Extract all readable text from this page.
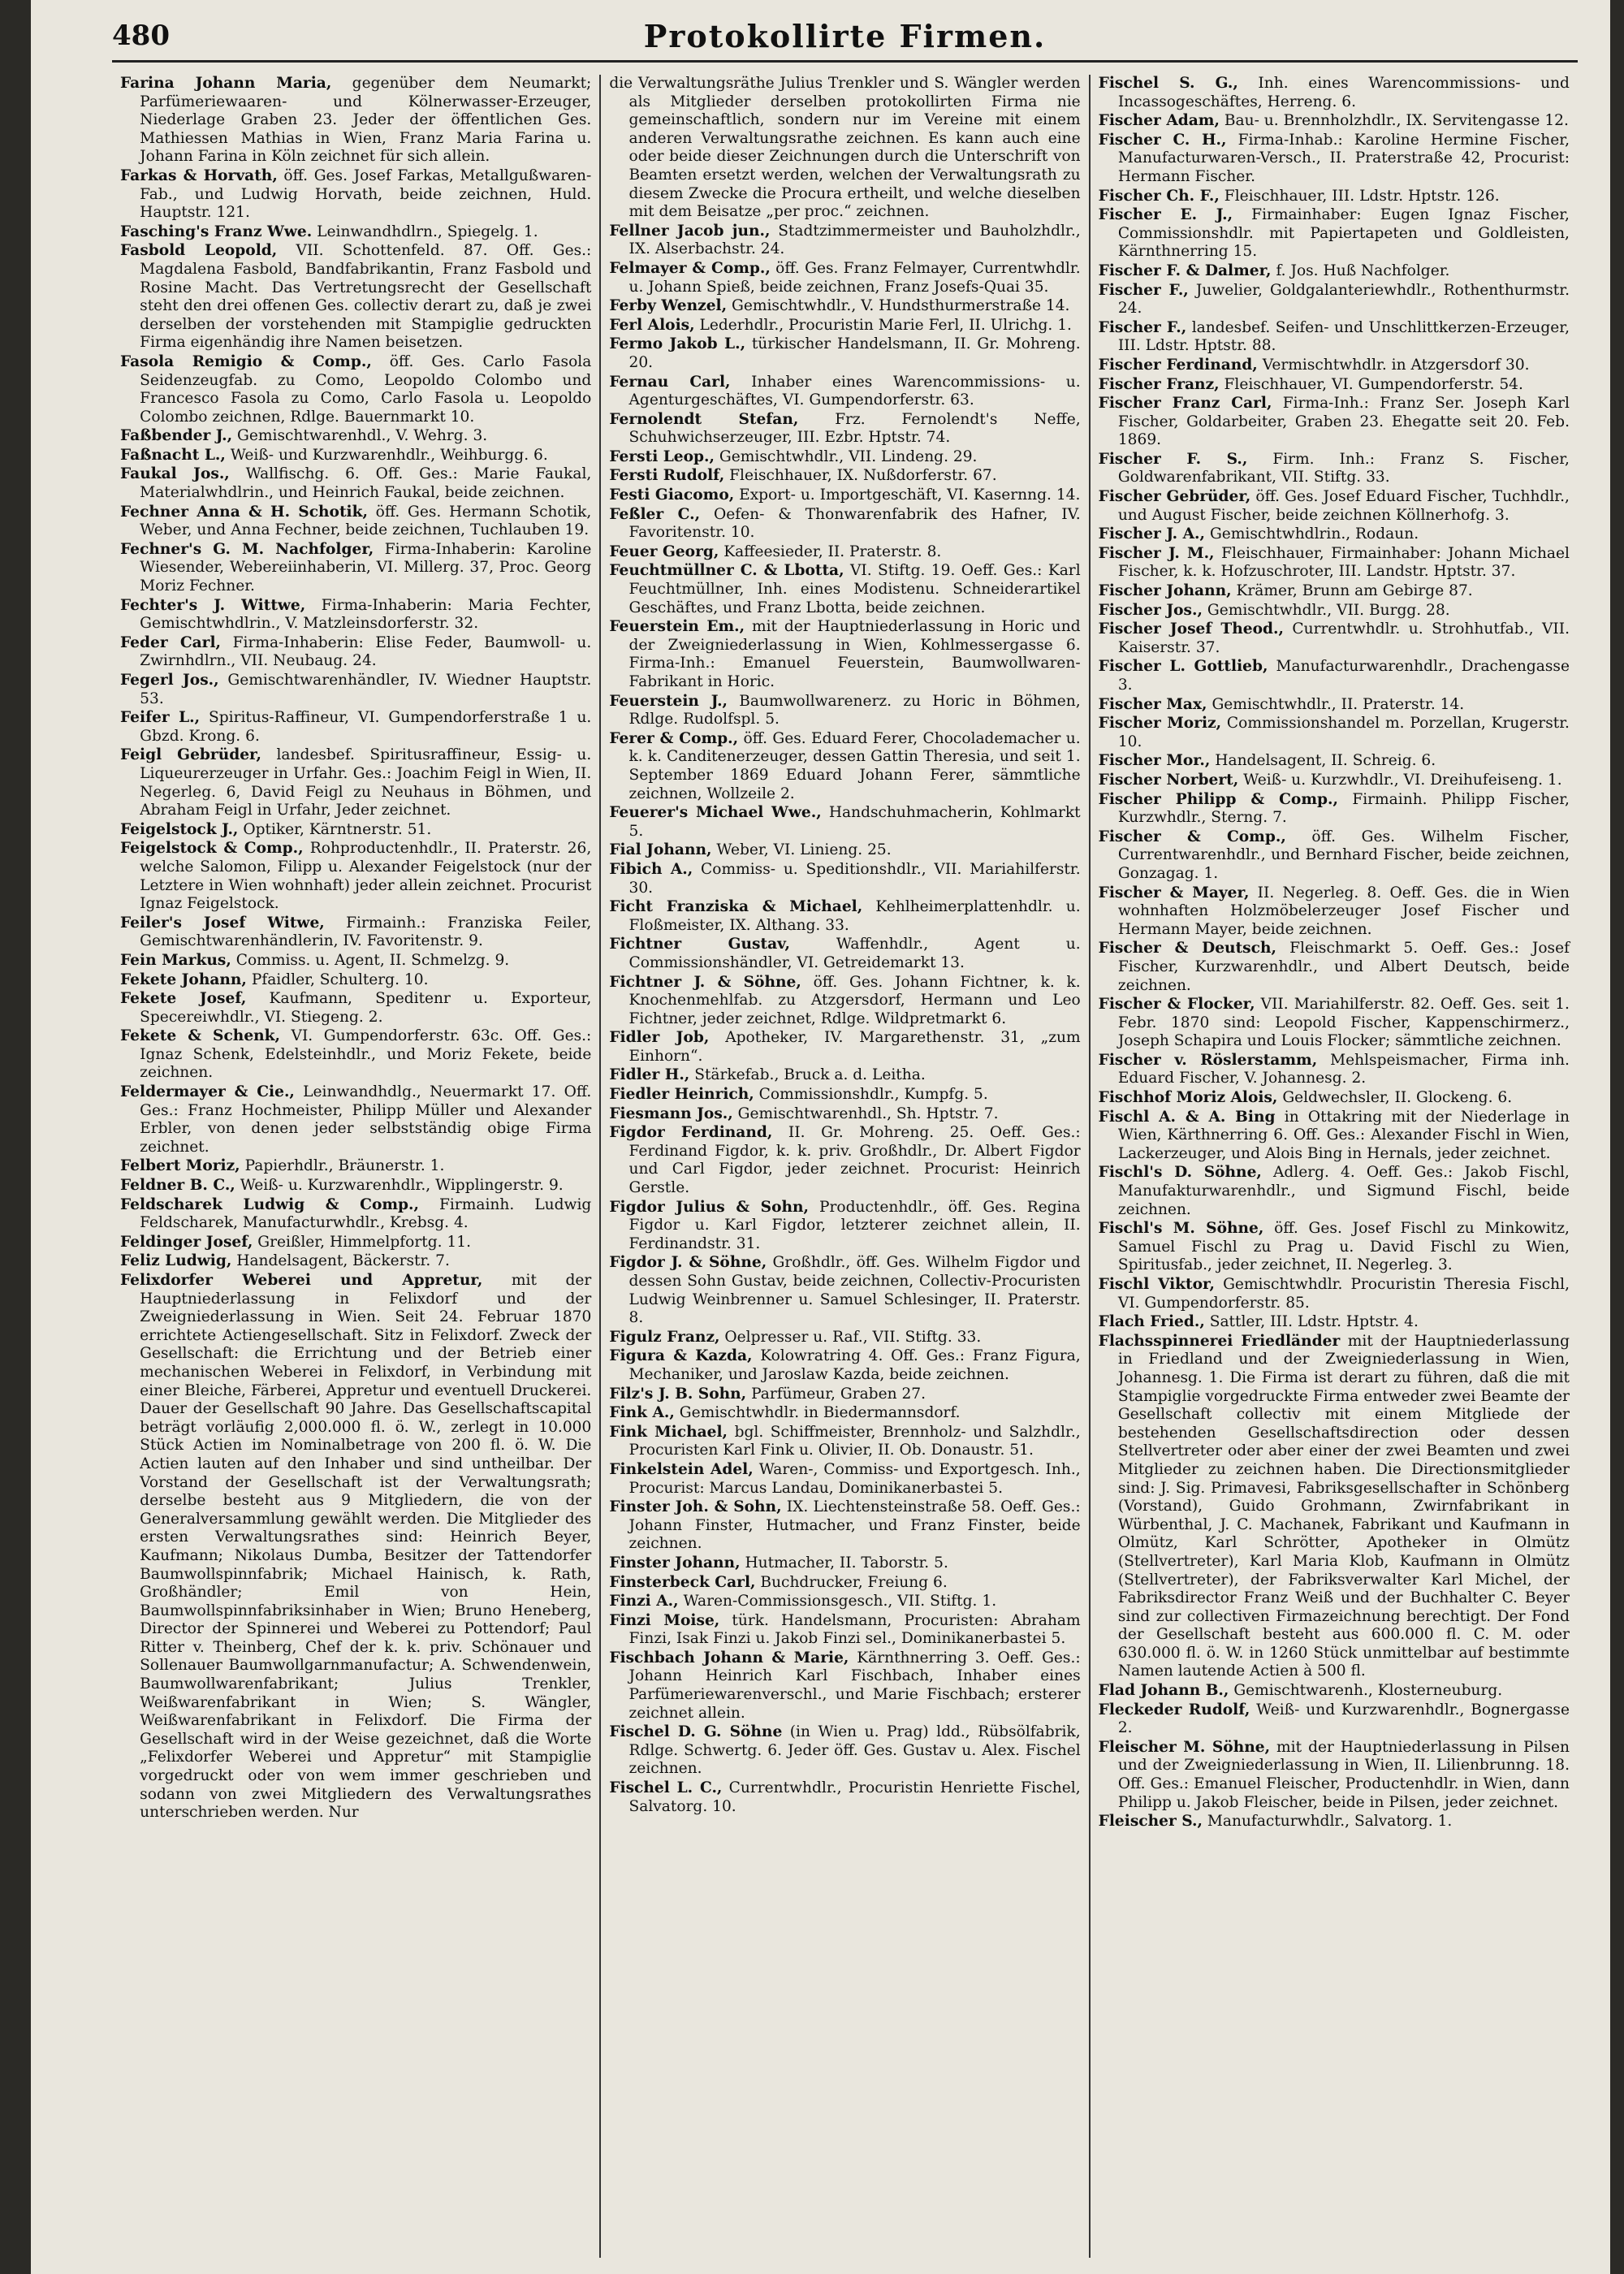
480	Protokollirte Firmen.
Farina Johann Maria, gegenüber dem Neumarkt; Parfümeriewaaren- und Kölnerwasser-Erzeuger, Niederlage Graben 23. Jeder der öffentlichen Ges. Mathiessen Mathias in Wien, Franz Maria Farina u. Johann Farina in Köln zeichnet für sich allein.
Farkas & Horvath, öff. Ges. Josef Farkas, Metallgußwaren-Fab., und Ludwig Horvath, beide zeichnen, Huld. Hauptstr. 121.
Fasching's Franz Wwe. Leinwandhdlrn., Spiegelg. 1.
Fasbold Leopold, VII. Schottenfeld. 87. Off. Ges.: Magdalena Fasbold, Bandfabrikantin, Franz Fasbold und Rosine Macht. Das Vertretungsrecht der Gesellschaft steht den drei offenen Ges. collectiv derart zu, daß je zwei derselben der vorstehenden mit Stampiglie gedruckten Firma eigenhändig ihre Namen beisetzen.
Fasola Remigio & Comp., öff. Ges. Carlo Fasola Seidenzeugfab. zu Como, Leopoldo Colombo und Francesco Fasola zu Como, Carlo Fasola u. Leopoldo Colombo zeichnen, Rdlge. Bauernmarkt 10.
Faßbender J., Gemischtwarenhdl., V. Wehrg. 3.
Faßnacht L., Weiß- und Kurzwarenhdlr., Weihburgg. 6.
Faukal Jos., Wallfischg. 6. Off. Ges.: Marie Faukal, Materialwhdlrin., und Heinrich Faukal, beide zeichnen.
Fechner Anna & H. Schotik, öff. Ges. Hermann Schotik, Weber, und Anna Fechner, beide zeichnen, Tuchlauben 19.
Fechner's G. M. Nachfolger, Firma-Inhaberin: Karoline Wiesender, Webereiinhaberin, VI. Millerg. 37, Proc. Georg Moriz Fechner.
Fechter's J. Wittwe, Firma-Inhaberin: Maria Fechter, Gemischtwhdlrin., V. Matzleinsdorferstr. 32.
Feder Carl, Firma-Inhaberin: Elise Feder, Baumwoll- u. Zwirnhdlrn., VII. Neubaug. 24.
Fegerl Jos., Gemischtwarenhändler, IV. Wiedner Hauptstr. 53.
Feifer L., Spiritus-Raffineur, VI. Gumpendorferstraße 1 u. Gbzd. Krong. 6.
Feigl Gebrüder, landesbef. Spiritusraffineur, Essig- u. Liqueurerzeuger in Urfahr. Ges.: Joachim Feigl in Wien, II. Negerleg. 6, David Feigl zu Neuhaus in Böhmen, und Abraham Feigl in Urfahr, Jeder zeichnet.
Feigelstock J., Optiker, Kärntnerstr. 51.
Feigelstock & Comp., Rohproductenhdlr., II. Praterstr. 26, welche Salomon, Filipp u. Alexander Feigelstock (nur der Letztere in Wien wohnhaft) jeder allein zeichnet. Procurist Ignaz Feigelstock.
Feiler's Josef Witwe, Firmainh.: Franziska Feiler, Gemischtwarenhändlerin, IV. Favoritenstr. 9.
Fein Markus, Commiss. u. Agent, II. Schmelzg. 9.
Fekete Johann, Pfaidler, Schulterg. 10.
Fekete Josef, Kaufmann, Speditenr u. Exporteur, Specereiwhdlr., VI. Stiegeng. 2.
Fekete & Schenk, VI. Gumpendorferstr. 63c. Off. Ges.: Ignaz Schenk, Edelsteinhdlr., und Moriz Fekete, beide zeichnen.
Feldermayer & Cie., Leinwandhdlg., Neuermarkt 17. Off. Ges.: Franz Hochmeister, Philipp Müller und Alexander Erbler, von denen jeder selbstständig obige Firma zeichnet.
Felbert Moriz, Papierhdlr., Bräunerstr. 1.
Feldner B. C., Weiß- u. Kurzwarenhdlr., Wipplingerstr. 9.
Feldscharek Ludwig & Comp., Firmainh. Ludwig Feldscharek, Manufacturwhdlr., Krebsg. 4.
Feldinger Josef, Greißler, Himmelpfortg. 11.
Feliz Ludwig, Handelsagent, Bäckerstr. 7.
Felixdorfer Weberei und Appretur, mit der Hauptniederlassung in Felixdorf und der Zweigniederlassung in Wien. Seit 24. Februar 1870 errichtete Actiengesellschaft. Sitz in Felixdorf. Zweck der Gesellschaft: die Errichtung und der Betrieb einer mechanischen Weberei in Felixdorf, in Verbindung mit einer Bleiche, Färberei, Appretur und eventuell Druckerei. Dauer der Gesellschaft 90 Jahre. Das Gesellschaftscapital beträgt vorläufig 2,000.000 fl. ö. W., zerlegt in 10.000 Stück Actien im Nominalbetrage von 200 fl. ö. W. Die Actien lauten auf den Inhaber und sind untheilbar. Der Vorstand der Gesellschaft ist der Verwaltungsrath; derselbe besteht aus 9 Mitgliedern, die von der Generalversammlung gewählt werden. Die Mitglieder des ersten Verwaltungsrathes sind: Heinrich Beyer, Kaufmann; Nikolaus Dumba, Besitzer der Tattendorfer Baumwollspinnfabrik; Michael Hainisch, k. Rath, Großhändler; Emil von Hein, Baumwollspinnfabriksinhaber in Wien; Bruno Heneberg, Director der Spinnerei und Weberei zu Pottendorf; Paul Ritter v. Theinberg, Chef der k. k. priv. Schönauer und Sollenauer Baumwollgarnmanufactur; A. Schwendenwein, Baumwollwarenfabrikant; Julius Trenkler, Weißwarenfabrikant in Wien; S. Wängler, Weißwarenfabrikant in Felixdorf. Die Firma der Gesellschaft wird in der Weise gezeichnet, daß die Worte „Felixdorfer Weberei und Appretur“ mit Stampiglie vorgedruckt oder von wem immer geschrieben und sodann von zwei Mitgliedern des Verwaltungsrathes unterschrieben werden. Nur
die Verwaltungsräthe Julius Trenkler und S. Wängler werden als Mitglieder derselben protokollirten Firma nie gemeinschaftlich, sondern nur im Vereine mit einem anderen Verwaltungsrathe zeichnen. Es kann auch eine oder beide dieser Zeichnungen durch die Unterschrift von Beamten ersetzt werden, welchen der Verwaltungsrath zu diesem Zwecke die Procura ertheilt, und welche dieselben mit dem Beisatze „per proc.“ zeichnen.
Fellner Jacob jun., Stadtzimmermeister und Bauholzhdlr., IX. Alserbachstr. 24.
Felmayer & Comp., öff. Ges. Franz Felmayer, Currentwhdlr. u. Johann Spieß, beide zeichnen, Franz Josefs-Quai 35.
Ferby Wenzel, Gemischtwhdlr., V. Hundsthurmerstraße 14.
Ferl Alois, Lederhdlr., Procuristin Marie Ferl, II. Ulrichg. 1.
Fermo Jakob L., türkischer Handelsmann, II. Gr. Mohreng. 20.
Fernau Carl, Inhaber eines Warencommissions- u. Agenturgeschäftes, VI. Gumpendorferstr. 63.
Fernolendt Stefan, Frz. Fernolendt's Neffe, Schuhwichserzeuger, III. Ezbr. Hptstr. 74.
Fersti Leop., Gemischtwhdlr., VII. Lindeng. 29.
Fersti Rudolf, Fleischhauer, IX. Nußdorferstr. 67.
Festi Giacomo, Export- u. Importgeschäft, VI. Kasernng. 14.
Feßler C., Oefen- & Thonwarenfabrik des Hafner, IV. Favoritenstr. 10.
Feuer Georg, Kaffeesieder, II. Praterstr. 8.
Feuchtmüllner C. & Lbotta, VI. Stiftg. 19. Oeff. Ges.: Karl Feuchtmüllner, Inh. eines Modistenu. Schneiderartikel Geschäftes, und Franz Lbotta, beide zeichnen.
Feuerstein Em., mit der Hauptniederlassung in Horic und der Zweigniederlassung in Wien, Kohlmessergasse 6. Firma-Inh.: Emanuel Feuerstein, Baumwollwaren-Fabrikant in Horic.
Feuerstein J., Baumwollwarenerz. zu Horic in Böhmen, Rdlge. Rudolfspl. 5.
Ferer & Comp., öff. Ges. Eduard Ferer, Chocolademacher u. k. k. Canditenerzeuger, dessen Gattin Theresia, und seit 1. September 1869 Eduard Johann Ferer, sämmtliche zeichnen, Wollzeile 2.
Feuerer's Michael Wwe., Handschuhmacherin, Kohlmarkt 5.
Fial Johann, Weber, VI. Linieng. 25.
Fibich A., Commiss- u. Speditionshdlr., VII. Mariahilferstr. 30.
Ficht Franziska & Michael, Kehlheimerplattenhdlr. u. Floßmeister, IX. Althang. 33.
Fichtner Gustav,	Waffenhdlr., Agent u. Commissionshändler, VI. Getreidemarkt 13.
Fichtner J. & Söhne, öff. Ges. Johann Fichtner, k. k. Knochenmehlfab. zu Atzgersdorf, Hermann und Leo Fichtner, jeder zeichnet, Rdlge. Wildpretmarkt 6.
Fidler Job, Apotheker, IV. Margarethenstr. 31, „zum Einhorn“.
Fidler H., Stärkefab., Bruck a. d. Leitha.
Fiedler Heinrich, Commissionshdlr., Kumpfg. 5.
Fiesmann Jos., Gemischtwarenhdl., Sh. Hptstr. 7.
Figdor Ferdinand, II. Gr. Mohreng. 25. Oeff. Ges.: Ferdinand Figdor, k. k. priv. Großhdlr., Dr. Albert Figdor und Carl Figdor, jeder zeichnet. Procurist: Heinrich Gerstle.
Figdor Julius & Sohn, Productenhdlr., öff. Ges. Regina Figdor u. Karl Figdor, letzterer zeichnet allein, II. Ferdinandstr. 31.
Figdor J. & Söhne, Großhdlr., öff. Ges. Wilhelm Figdor und dessen Sohn Gustav, beide zeichnen, Collectiv-Procuristen Ludwig Weinbrenner u. Samuel Schlesinger, II. Praterstr. 8.
Figulz Franz, Oelpresser u. Raf., VII. Stiftg. 33.
Figura & Kazda, Kolowratring 4. Off. Ges.: Franz Figura, Mechaniker, und Jaroslaw Kazda, beide zeichnen.
Filz's J. B. Sohn, Parfümeur, Graben 27.
Fink A., Gemischtwhdlr. in Biedermannsdorf.
Fink Michael, bgl. Schiffmeister, Brennholz- und Salzhdlr., Procuristen Karl Fink u. Olivier, II. Ob. Donaustr. 51.
Finkelstein Adel, Waren-, Commiss- und Exportgesch. Inh., Procurist: Marcus Landau, Dominikanerbastei 5.
Finster Joh. & Sohn, IX. Liechtensteinstraße 58. Oeff. Ges.: Johann Finster, Hutmacher, und Franz Finster, beide zeichnen.
Finster Johann, Hutmacher, II. Taborstr. 5.
Finsterbeck Carl, Buchdrucker, Freiung 6.
Finzi A., Waren-Commissionsgesch., VII. Stiftg. 1.
Finzi Moise, türk. Handelsmann, Procuristen: Abraham Finzi, Isak Finzi u. Jakob Finzi sel., Dominikanerbastei 5.
Fischbach Johann & Marie, Kärnthnerring 3. Oeff. Ges.: Johann Heinrich Karl Fischbach, Inhaber eines Parfümeriewarenverschl., und Marie Fischbach; ersterer zeichnet allein.
Fischel D. G. Söhne (in Wien u. Prag) ldd., Rübsölfabrik, Rdlge. Schwertg. 6. Jeder öff. Ges. Gustav u. Alex. Fischel zeichnen.
Fischel L. C., Currentwhdlr., Procuristin Henriette Fischel, Salvatorg. 10.
Fischel S. G., Inh. eines Warencommissions- und Incassogeschäftes, Herreng. 6.
Fischer Adam, Bau- u. Brennholzhdlr., IX. Servitengasse 12.
Fischer C. H., Firma-Inhab.: Karoline Hermine Fischer, Manufacturwaren-Versch., II. Praterstraße 42, Procurist: Hermann Fischer.
Fischer Ch. F., Fleischhauer, III. Ldstr. Hptstr. 126.
Fischer E. J., Firmainhaber: Eugen Ignaz Fischer, Commissionshdlr. mit Papiertapeten und Goldleisten, Kärnthnerring 15.
Fischer F. & Dalmer, f. Jos. Huß Nachfolger.
Fischer F., Juwelier, Goldgalanteriewhdlr., Rothenthurmstr. 24.
Fischer F., landesbef. Seifen- und Unschlittkerzen-Erzeuger, III. Ldstr. Hptstr. 88.
Fischer Ferdinand, Vermischtwhdlr. in Atzgersdorf 30.
Fischer Franz, Fleischhauer, VI. Gumpendorferstr. 54.
Fischer Franz Carl, Firma-Inh.: Franz Ser. Joseph Karl Fischer, Goldarbeiter, Graben 23. Ehegatte seit 20. Feb. 1869.
Fischer F. S., Firm. Inh.: Franz S. Fischer, Goldwarenfabrikant, VII. Stiftg. 33.
Fischer Gebrüder, öff. Ges. Josef Eduard Fischer, Tuchhdlr., und August Fischer, beide zeichnen Köllnerhofg. 3.
Fischer J. A., Gemischtwhdlrin., Rodaun.
Fischer J. M., Fleischhauer, Firmainhaber: Johann Michael Fischer, k. k. Hofzuschroter, III. Landstr. Hptstr. 37.
Fischer Johann, Krämer, Brunn am Gebirge 87.
Fischer Jos., Gemischtwhdlr., VII. Burgg. 28.
Fischer Josef Theod., Currentwhdlr. u. Strohhutfab., VII. Kaiserstr. 37.
Fischer L. Gottlieb, Manufacturwarenhdlr., Drachengasse 3.
Fischer Max, Gemischtwhdlr., II. Praterstr. 14.
Fischer Moriz, Commissionshandel m. Porzellan, Krugerstr. 10.
Fischer Mor., Handelsagent, II. Schreig. 6.
Fischer Norbert, Weiß- u. Kurzwhdlr., VI. Dreihufeiseng. 1.
Fischer Philipp & Comp., Firmainh. Philipp Fischer, Kurzwhdlr., Sterng. 7.
Fischer & Comp., öff. Ges. Wilhelm Fischer, Currentwarenhdlr., und Bernhard Fischer, beide zeichnen, Gonzagag. 1.
Fischer & Mayer, II. Negerleg. 8. Oeff. Ges. die in Wien wohnhaften Holzmöbelerzeuger Josef Fischer und Hermann Mayer, beide zeichnen.
Fischer & Deutsch, Fleischmarkt 5. Oeff. Ges.: Josef Fischer, Kurzwarenhdlr., und Albert Deutsch, beide zeichnen.
Fischer & Flocker, VII. Mariahilferstr. 82. Oeff. Ges. seit 1. Febr. 1870 sind: Leopold Fischer, Kappenschirmerz., Joseph Schapira und Louis Flocker; sämmtliche zeichnen.
Fischer v. Röslerstamm, Mehlspeismacher, Firma inh. Eduard Fischer, V. Johannesg. 2.
Fischhof Moriz Alois, Geldwechsler, II. Glockeng. 6.
Fischl A. & A. Bing in Ottakring mit der Niederlage in Wien, Kärthnerring 6. Off. Ges.: Alexander Fischl in Wien, Lackerzeuger, und Alois Bing in Hernals, jeder zeichnet.
Fischl's D. Söhne, Adlerg. 4. Oeff. Ges.: Jakob Fischl, Manufakturwarenhdlr., und Sigmund Fischl, beide zeichnen.
Fischl's M. Söhne, öff. Ges. Josef Fischl zu Minkowitz, Samuel Fischl zu Prag u. David Fischl zu Wien, Spiritusfab., jeder zeichnet, II. Negerleg. 3.
Fischl Viktor, Gemischtwhdlr. Procuristin Theresia Fischl, VI. Gumpendorferstr. 85.
Flach Fried., Sattler, III. Ldstr. Hptstr. 4.
Flachsspinnerei Friedländer mit der Hauptniederlassung in Friedland und der Zweigniederlassung in Wien, Johannesg. 1. Die Firma ist derart zu führen, daß die mit Stampiglie vorgedruckte Firma entweder zwei Beamte der Gesellschaft collectiv mit einem Mitgliede der bestehenden Gesellschaftsdirection oder dessen Stellvertreter oder aber einer der zwei Beamten und zwei Mitglieder zu zeichnen haben. Die Directionsmitglieder sind: J. Sig. Primavesi, Fabriksgesellschafter in Schönberg (Vorstand), Guido Grohmann, Zwirnfabrikant in Würbenthal, J. C. Machanek, Fabrikant und Kaufmann in Olmütz, Karl Schrötter, Apotheker in Olmütz (Stellvertreter), Karl Maria Klob, Kaufmann in Olmütz (Stellvertreter), der Fabriksverwalter Karl Michel, der Fabriksdirector Franz Weiß und der Buchhalter C. Beyer sind zur collectiven Firmazeichnung berechtigt. Der Fond der Gesellschaft besteht aus 600.000 fl. C. M. oder 630.000 fl. ö. W. in 1260 Stück unmittelbar auf bestimmte Namen lautende Actien à 500 fl.
Flad Johann B., Gemischtwarenh., Klosterneuburg.
Fleckeder Rudolf, Weiß- und Kurzwarenhdlr., Bognergasse 2.
Fleischer M. Söhne, mit der Hauptniederlassung in Pilsen und der Zweigniederlassung in Wien, II. Lilienbrunng. 18. Off. Ges.: Emanuel Fleischer, Productenhdlr. in Wien, dann Philipp u. Jakob Fleischer, beide in Pilsen, jeder zeichnet.
Fleischer S., Manufacturwhdlr., Salvatorg. 1.
